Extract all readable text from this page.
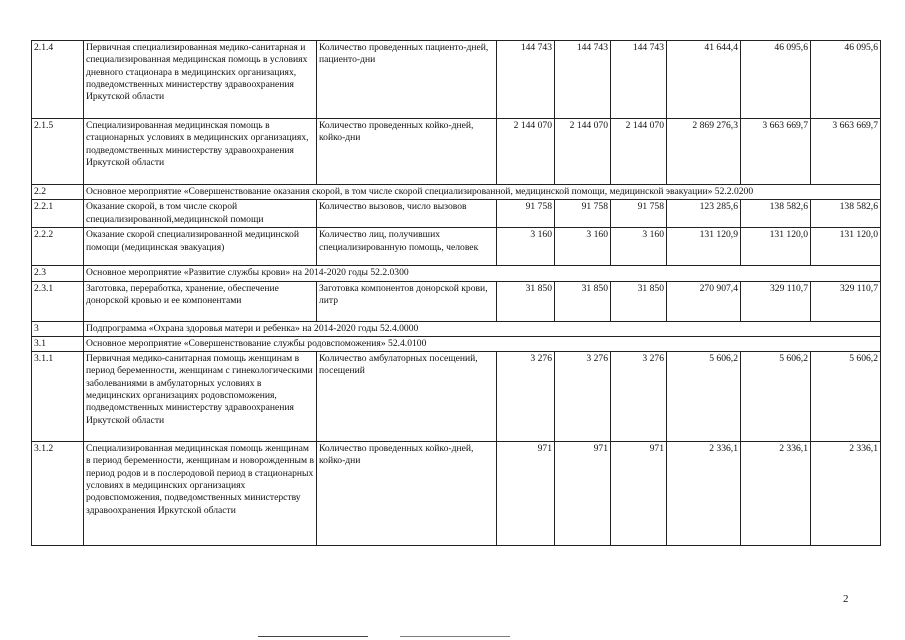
2.1.4	Первичная специализированная медико-санитарная и специализированная медицинская помощь в условиях дневного стационара в медицинских организациях, подведомственных министерству здравоохранения Иркутской области	Количество проведенных пациенто-дней, пациенто-дни	144 743	144 743	144 743	41 644,4	46 095,6	46 095,6
2.1.5	Специализированная медицинская помощь в стационарных условиях в медицинских организациях, подведомственных министерству здравоохранения Иркутской области	Количество проведенных койко-дней, койко-дни	2 144 070	2 144 070	2 144 070	2 869 276,3	3 663 669,7	3 663 669,7
2.2	Основное мероприятие «Совершенствование оказания скорой, в том числе скорой специализированной, медицинской помощи, медицинской эвакуации» 52.2.0200							
2.2.1	Оказание скорой, в том числе скорой специализированной,медицинской помощи	Количество вызовов, число вызовов	91 758	91 758	91 758	123 285,6	138 582,6	138 582,6
2.2.2	Оказание скорой специализированной медицинской помощи (медицинская эвакуация)	Количество лиц, получивших специализированную помощь, человек	3 160	3 160	3 160	131 120,9	131 120,0	131 120,0
2.3	Основное мероприятие «Развитие службы крови» на 2014-2020 годы 52.2.0300							
2.3.1	Заготовка, переработка, хранение, обеспечение донорской кровью и ее компонентами	Заготовка компонентов донорской крови, литр	31 850	31 850	31 850	270 907,4	329 110,7	329 110,7
3	Подпрограмма «Охрана здоровья матери и ребенка» на 2014-2020 годы 52.4.0000							
3.1	Основное мероприятие «Совершенствование службы родовспоможения» 52.4.0100							
3.1.1	Первичная медико-санитарная помощь женщинам в период беременности, женщинам с гинекологическими заболеваниями в амбулаторных условиях в медицинских организациях родовспоможения, подведомственных министерству здравоохранения Иркутской области	Количество амбулаторных посещений, посещений	3 276	3 276	3 276	5 606,2	5 606,2	5 606,2
3.1.2	Специализированная медицинская помощь женщинам в период беременности, женщинам и новорожденным в период родов и в послеродовой период в стационарных условиях в медицинских организациях родовспоможения, подведомственных министерству здравоохранения Иркутской области	Количество проведенных койко-дней, койко-дни	971	971	971	2 336,1	2 336,1	2 336,1
2
